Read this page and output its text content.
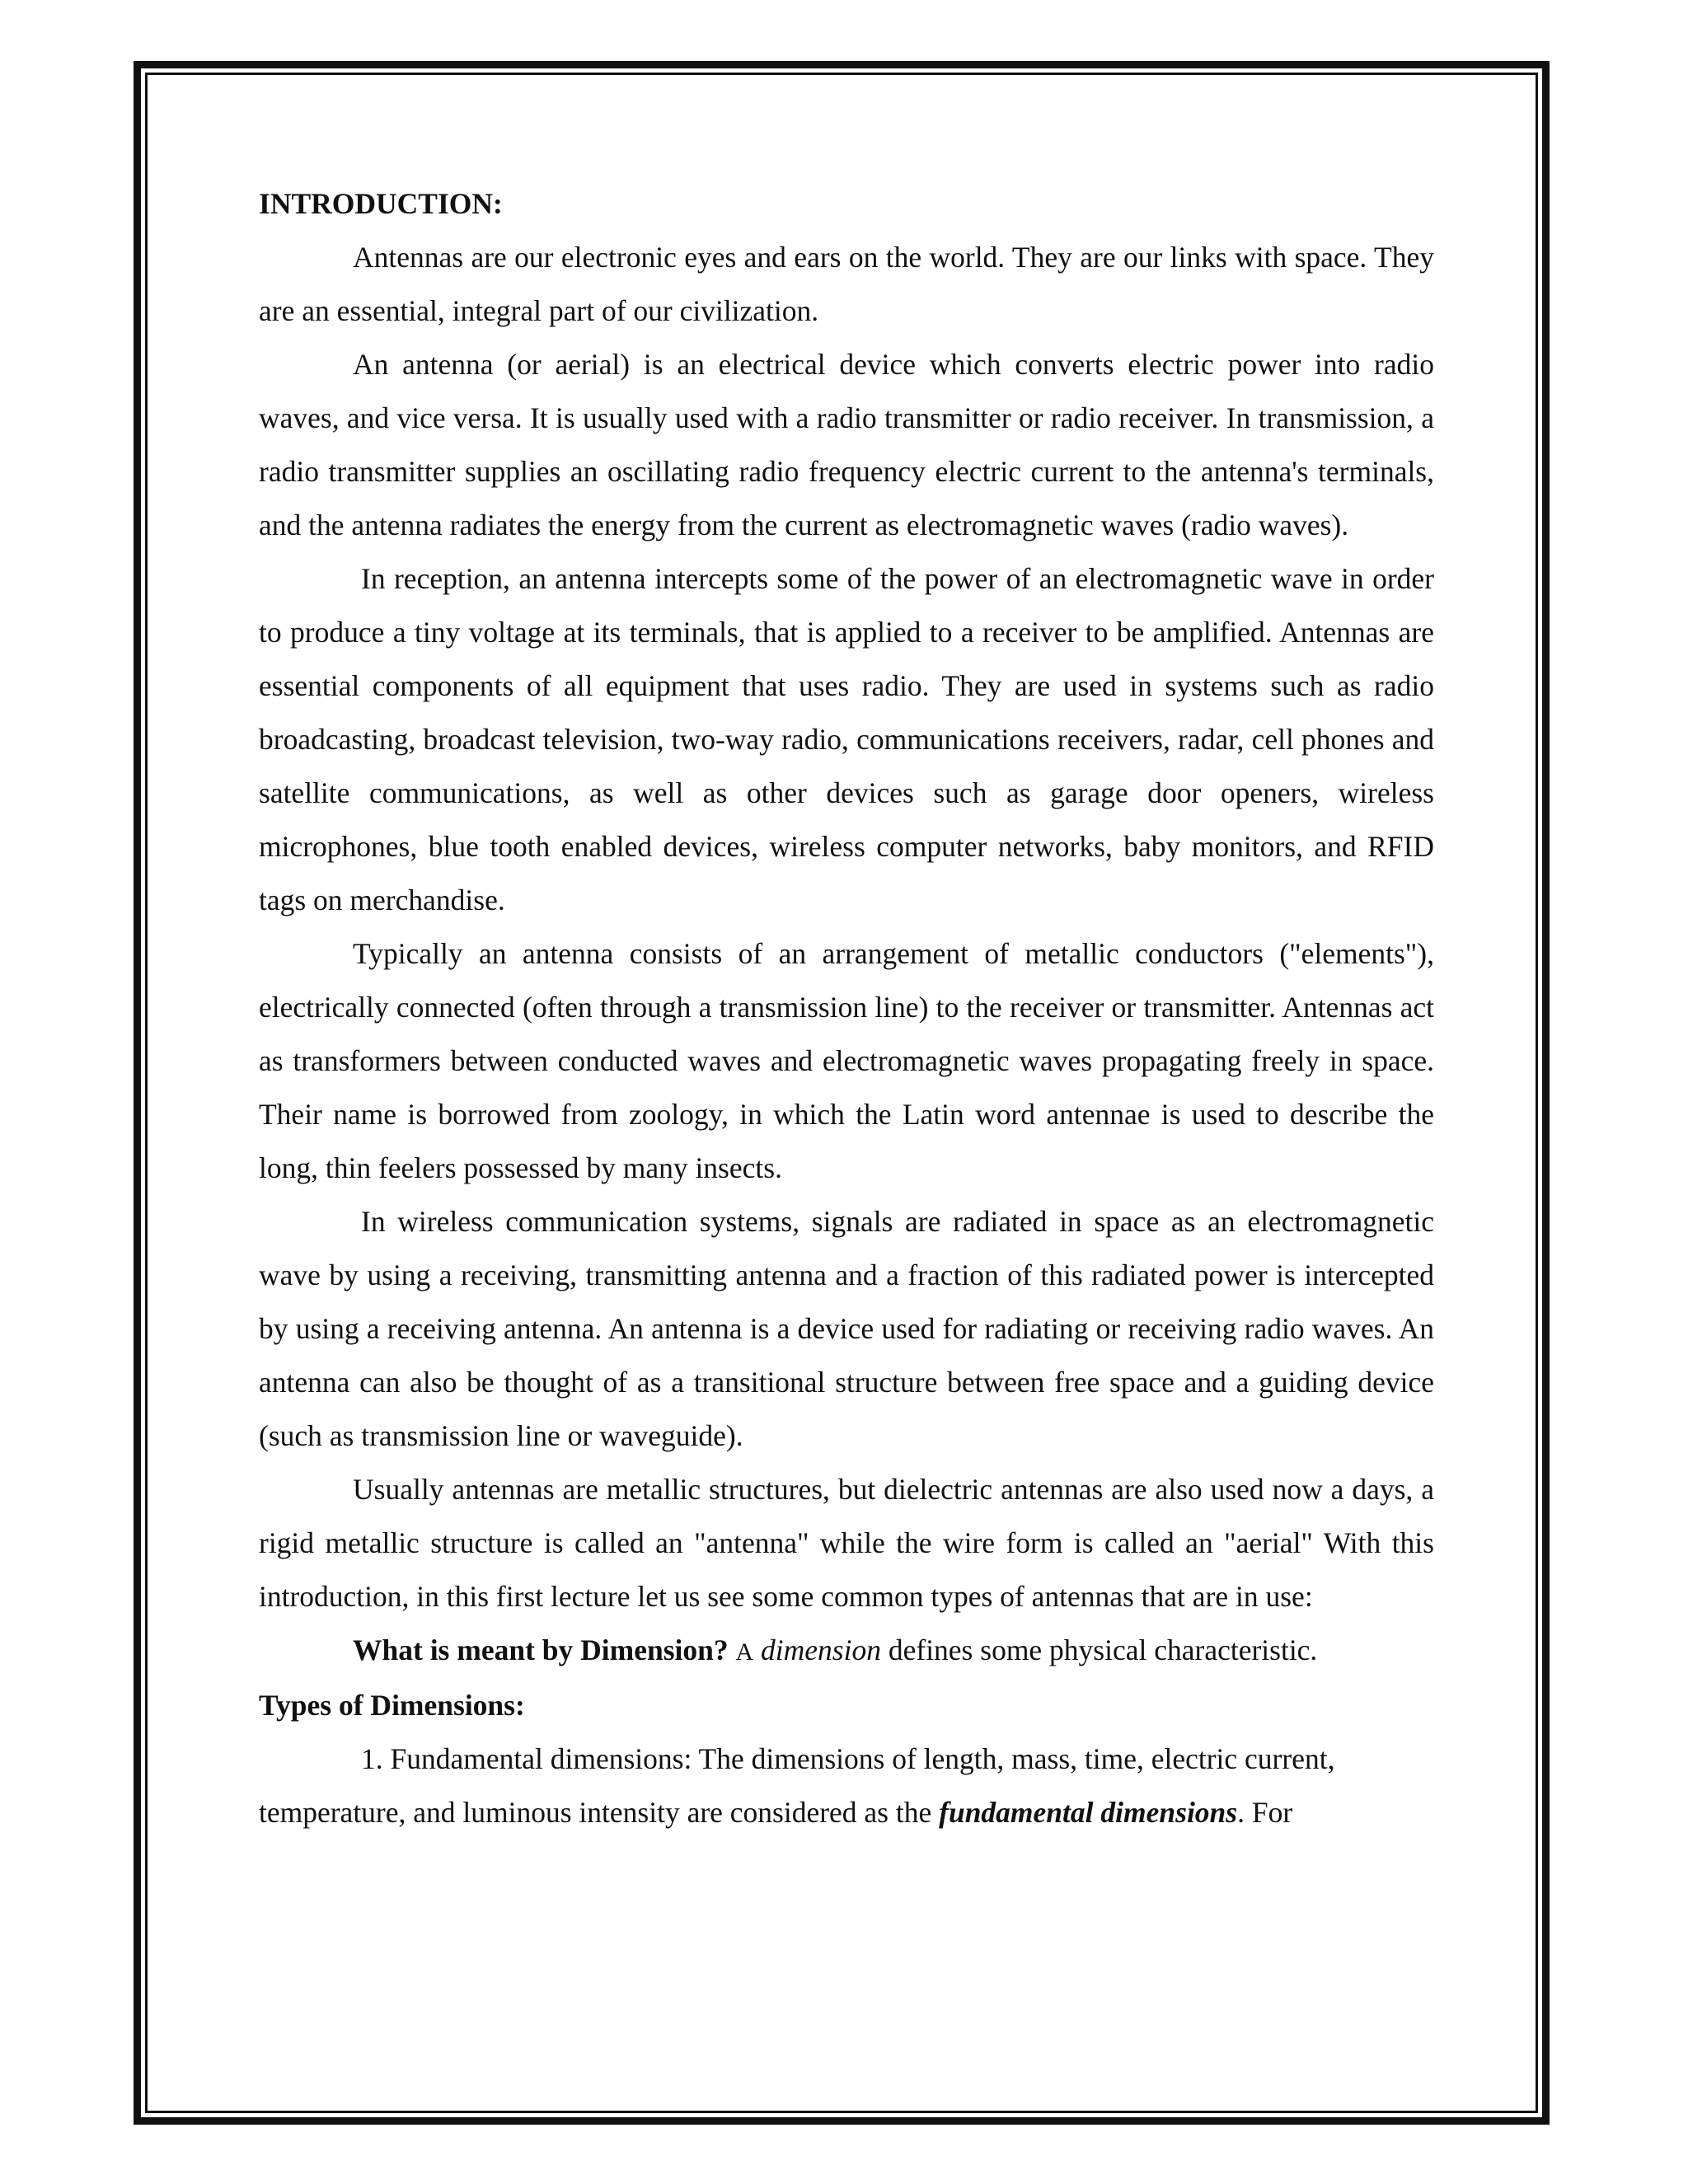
INTRODUCTION:

Antennas are our electronic eyes and ears on the world. They are our links with space. They are an essential, integral part of our civilization.

An antenna (or aerial) is an electrical device which converts electric power into radio waves, and vice versa. It is usually used with a radio transmitter or radio receiver. In transmission, a radio transmitter supplies an oscillating radio frequency electric current to the antenna's terminals, and the antenna radiates the energy from the current as electromagnetic waves (radio waves).

In reception, an antenna intercepts some of the power of an electromagnetic wave in order to produce a tiny voltage at its terminals, that is applied to a receiver to be amplified. Antennas are essential components of all equipment that uses radio. They are used in systems such as radio broadcasting, broadcast television, two-way radio, communications receivers, radar, cell phones and satellite communications, as well as other devices such as garage door openers, wireless microphones, blue tooth enabled devices, wireless computer networks, baby monitors, and RFID tags on merchandise.

Typically an antenna consists of an arrangement of metallic conductors ("elements"), electrically connected (often through a transmission line) to the receiver or transmitter. Antennas act as transformers between conducted waves and electromagnetic waves propagating freely in space. Their name is borrowed from zoology, in which the Latin word antennae is used to describe the long, thin feelers possessed by many insects.

In wireless communication systems, signals are radiated in space as an electromagnetic wave by using a receiving, transmitting antenna and a fraction of this radiated power is intercepted by using a receiving antenna. An antenna is a device used for radiating or receiving radio waves. An antenna can also be thought of as a transitional structure between free space and a guiding device (such as transmission line or waveguide).

Usually antennas are metallic structures, but dielectric antennas are also used now a days, a rigid metallic structure is called an "antenna" while the wire form is called an "aerial" With this introduction, in this first lecture let us see some common types of antennas that are in use:

What is meant by Dimension? A dimension defines some physical characteristic.

Types of Dimensions:

1. Fundamental dimensions: The dimensions of length, mass, time, electric current, temperature, and luminous intensity are considered as the fundamental dimensions. For
